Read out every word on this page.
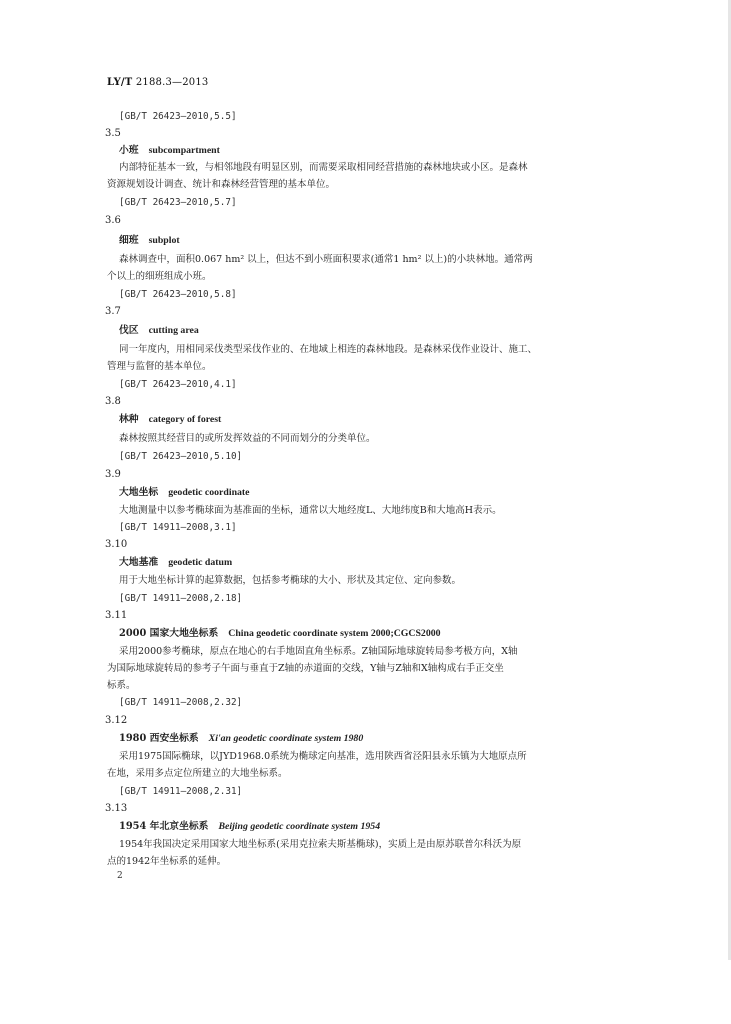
LY/T 2188.3—2013
[GB/T 26423—2010,5.5]
3.5
小班 subcompartment
内部特征基本一致，与相邻地段有明显区别，而需要采取相同经营措施的森林地块或小区。是森林
资源规划设计调查、统计和森林经营管理的基本单位。
[GB/T 26423—2010,5.7]
3.6
细班 subplot
森林调查中，面积0.067 hm² 以上，但达不到小班面积要求(通常1 hm² 以上)的小块林地。通常两
个以上的细班组成小班。
[GB/T 26423—2010,5.8]
3.7
伐区 cutting area
同一年度内，用相同采伐类型采伐作业的、在地域上相连的森林地段。是森林采伐作业设计、施工、
管理与监督的基本单位。
[GB/T 26423—2010,4.1]
3.8
林种 category of forest
森林按照其经营目的或所发挥效益的不同而划分的分类单位。
[GB/T 26423—2010,5.10]
3.9
大地坐标 geodetic coordinate
大地测量中以参考椭球面为基准面的坐标，通常以大地经度L、大地纬度B和大地高H表示。
[GB/T 14911—2008,3.1]
3.10
大地基准 geodetic datum
用于大地坐标计算的起算数据，包括参考椭球的大小、形状及其定位、定向参数。
[GB/T 14911—2008,2.18]
3.11
2000 国家大地坐标系 China geodetic coordinate system 2000;CGCS2000
采用2000参考椭球，原点在地心的右手地固直角坐标系。Z轴国际地球旋转局参考极方向，X轴
为国际地球旋转局的参考子午面与垂直于Z轴的赤道面的交线，Y轴与Z轴和X轴构成右手正交坐
标系。
[GB/T 14911—2008,2.32]
3.12
1980 西安坐标系 Xi'an geodetic coordinate system 1980
采用1975国际椭球，以JYD1968.0系统为椭球定向基准，选用陕西省泾阳县永乐镇为大地原点所
在地，采用多点定位所建立的大地坐标系。
[GB/T 14911—2008,2.31]
3.13
1954 年北京坐标系 Beijing geodetic coordinate system 1954
1954年我国决定采用国家大地坐标系(采用克拉索夫斯基椭球)，实质上是由原苏联普尔科沃为原
点的1942年坐标系的延伸。
2
